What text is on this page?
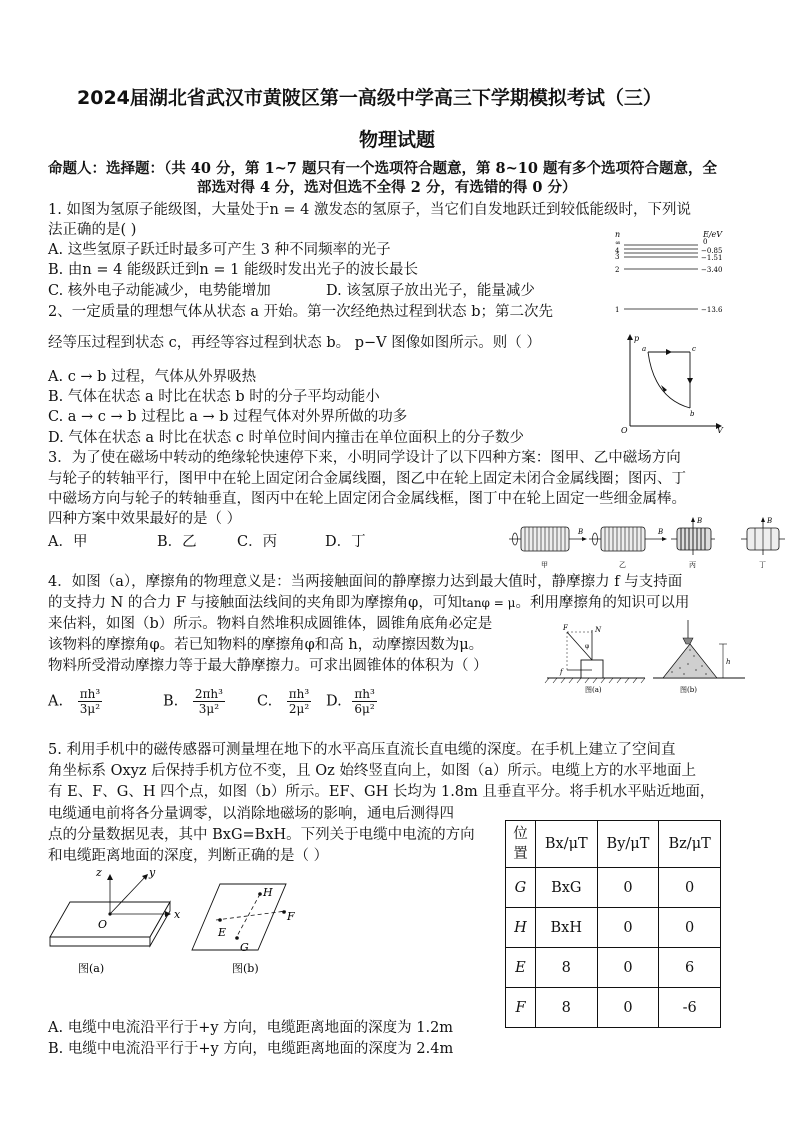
2024届湖北省武汉市黄陂区第一高级中学高三下学期模拟考试（三）
物理试题
命题人：选择题：（共 40 分，第 1~7 题只有一个选项符合题意，第 8~10 题有多个选项符合题意，全
部选对得 4 分，选对但选不全得 2 分，有选错的得 0 分）
1. 如图为氢原子能级图，大量处于n = 4 激发态的氢原子，当它们自发地跃迁到较低能级时，下列说
法正确的是( )
A. 这些氢原子跃迁时最多可产生 3 种不同频率的光子
B. 由n = 4 能级跃迁到n = 1 能级时发出光子的波长最长
C. 核外电子动能减少，电势能增加	D. 该氢原子放出光子，能量减少
n	E/eV
∞
4
3
2
1
0
−0.85
−1.51
−3.40
−13.6
2、一定质量的理想气体从状态 a 开始。第一次经绝热过程到状态 b；第二次先
经等压过程到状态 c，再经等容过程到状态 b。 p−V 图像如图所示。则（ ）
A. c → b 过程，气体从外界吸热
B. 气体在状态 a 时比在状态 b 时的分子平均动能小
C. a → c → b 过程比 a → b 过程气体对外界所做的功多
D. 气体在状态 a 时比在状态 c 时单位时间内撞击在单位面积上的分子数少
p
V
O
a	c
b
3．为了使在磁场中转动的绝缘轮快速停下来，小明同学设计了以下四种方案：图甲、乙中磁场方向
与轮子的转轴平行，图甲中在轮上固定闭合金属线圈，图乙中在轮上固定未闭合金属线圈；图丙、丁
中磁场方向与轮子的转轴垂直，图丙中在轮上固定闭合金属线框，图丁中在轮上固定一些细金属棒。
四种方案中效果最好的是（ ）
A．甲	B．乙	C．丙	D．丁
B
甲
B
乙
B
丙
B
丁
4．如图（a），摩擦角的物理意义是：当两接触面间的静摩擦力达到最大值时，静摩擦力 f 与支持面
的支持力 N 的合力 F 与接触面法线间的夹角即为摩擦角φ，可知tanφ = μ。利用摩擦角的知识可以用
来估料，如图（b）所示。物料自然堆积成圆锥体，圆锥角底角必定是
该物料的摩擦角φ。若已知物料的摩擦角φ和高 h，动摩擦因数为μ。
物料所受滑动摩擦力等于最大静摩擦力。可求出圆锥体的体积为（ ）
A. $\frac{\text{πh³}}{\text{3μ²}}$	B. $\frac{\text{2πh³}}{\text{3μ²}} C$. $\frac{\text{πh³}}{\text{2μ²}} D$. $\frac{\text{πh³}}{\text{6μ²}}$
F	N
f
φ
图(a)
h
图(b)
5. 利用手机中的磁传感器可测量埋在地下的水平高压直流长直电缆的深度。在手机上建立了空间直
角坐标系 Oxyz 后保持手机方位不变，且 Oz 始终竖直向上，如图（a）所示。电缆上方的水平地面上
有 E、F、G、H 四个点，如图（b）所示。EF、GH 长均为 1.8m 且垂直平分。将手机水平贴近地面，
电缆通电前将各分量调零，以消除地磁场的影响，通电后测得四
点的分量数据见表，其中 BxG=BxH。下列关于电缆中电流的方向
和电缆距离地面的深度，判断正确的是（ ）
z	y
x
O
图(a)
E
F
H
G
图(b)
位置	Bx/μT	By/μT	Bz/μT
G	BxG	0	0
H	BxH	0	0
E	8	0	6
F	8	0	-6
A. 电缆中电流沿平行于+y 方向，电缆距离地面的深度为 1.2m
B. 电缆中电流沿平行于+y 方向，电缆距离地面的深度为 2.4m
